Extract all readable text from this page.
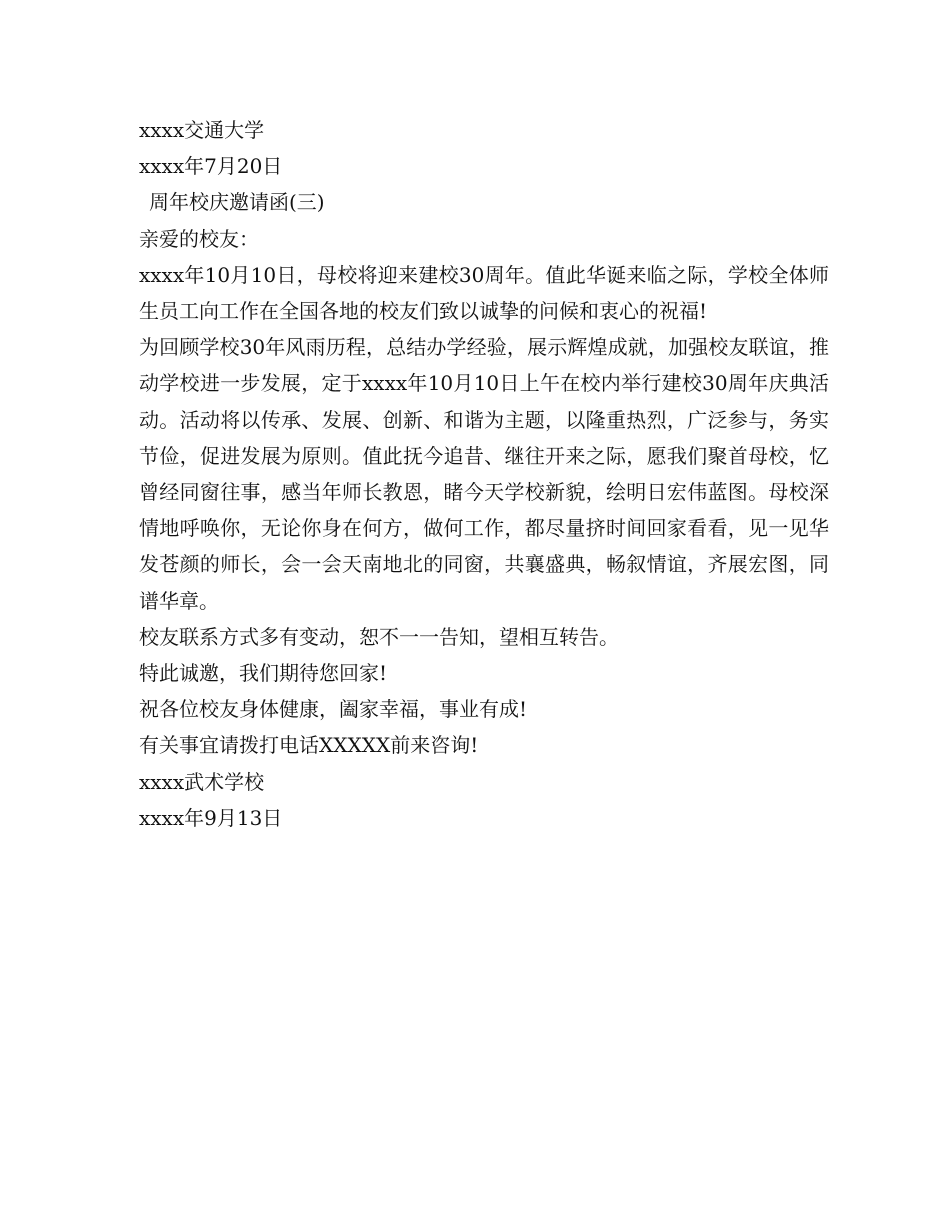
xxxx交通大学

xxxx年7月20日

周年校庆邀请函(三)

亲爱的校友：

xxxx年10月10日，母校将迎来建校30周年。值此华诞来临之际，学校全体师生员工向工作在全国各地的校友们致以诚挚的问候和衷心的祝福!

为回顾学校30年风雨历程，总结办学经验，展示辉煌成就，加强校友联谊，推动学校进一步发展，定于xxxx年10月10日上午在校内举行建校30周年庆典活动。活动将以传承、发展、创新、和谐为主题，以隆重热烈，广泛参与，务实节俭，促进发展为原则。值此抚今追昔、继往开来之际，愿我们聚首母校，忆曾经同窗往事，感当年师长教恩，睹今天学校新貌，绘明日宏伟蓝图。母校深情地呼唤你，无论你身在何方，做何工作，都尽量挤时间回家看看，见一见华发苍颜的师长，会一会天南地北的同窗，共襄盛典，畅叙情谊，齐展宏图，同谱华章。

校友联系方式多有变动，恕不一一告知，望相互转告。

特此诚邀，我们期待您回家!

祝各位校友身体健康，阖家幸福，事业有成!

有关事宜请拨打电话XXXXX前来咨询!

xxxx武术学校

xxxx年9月13日
